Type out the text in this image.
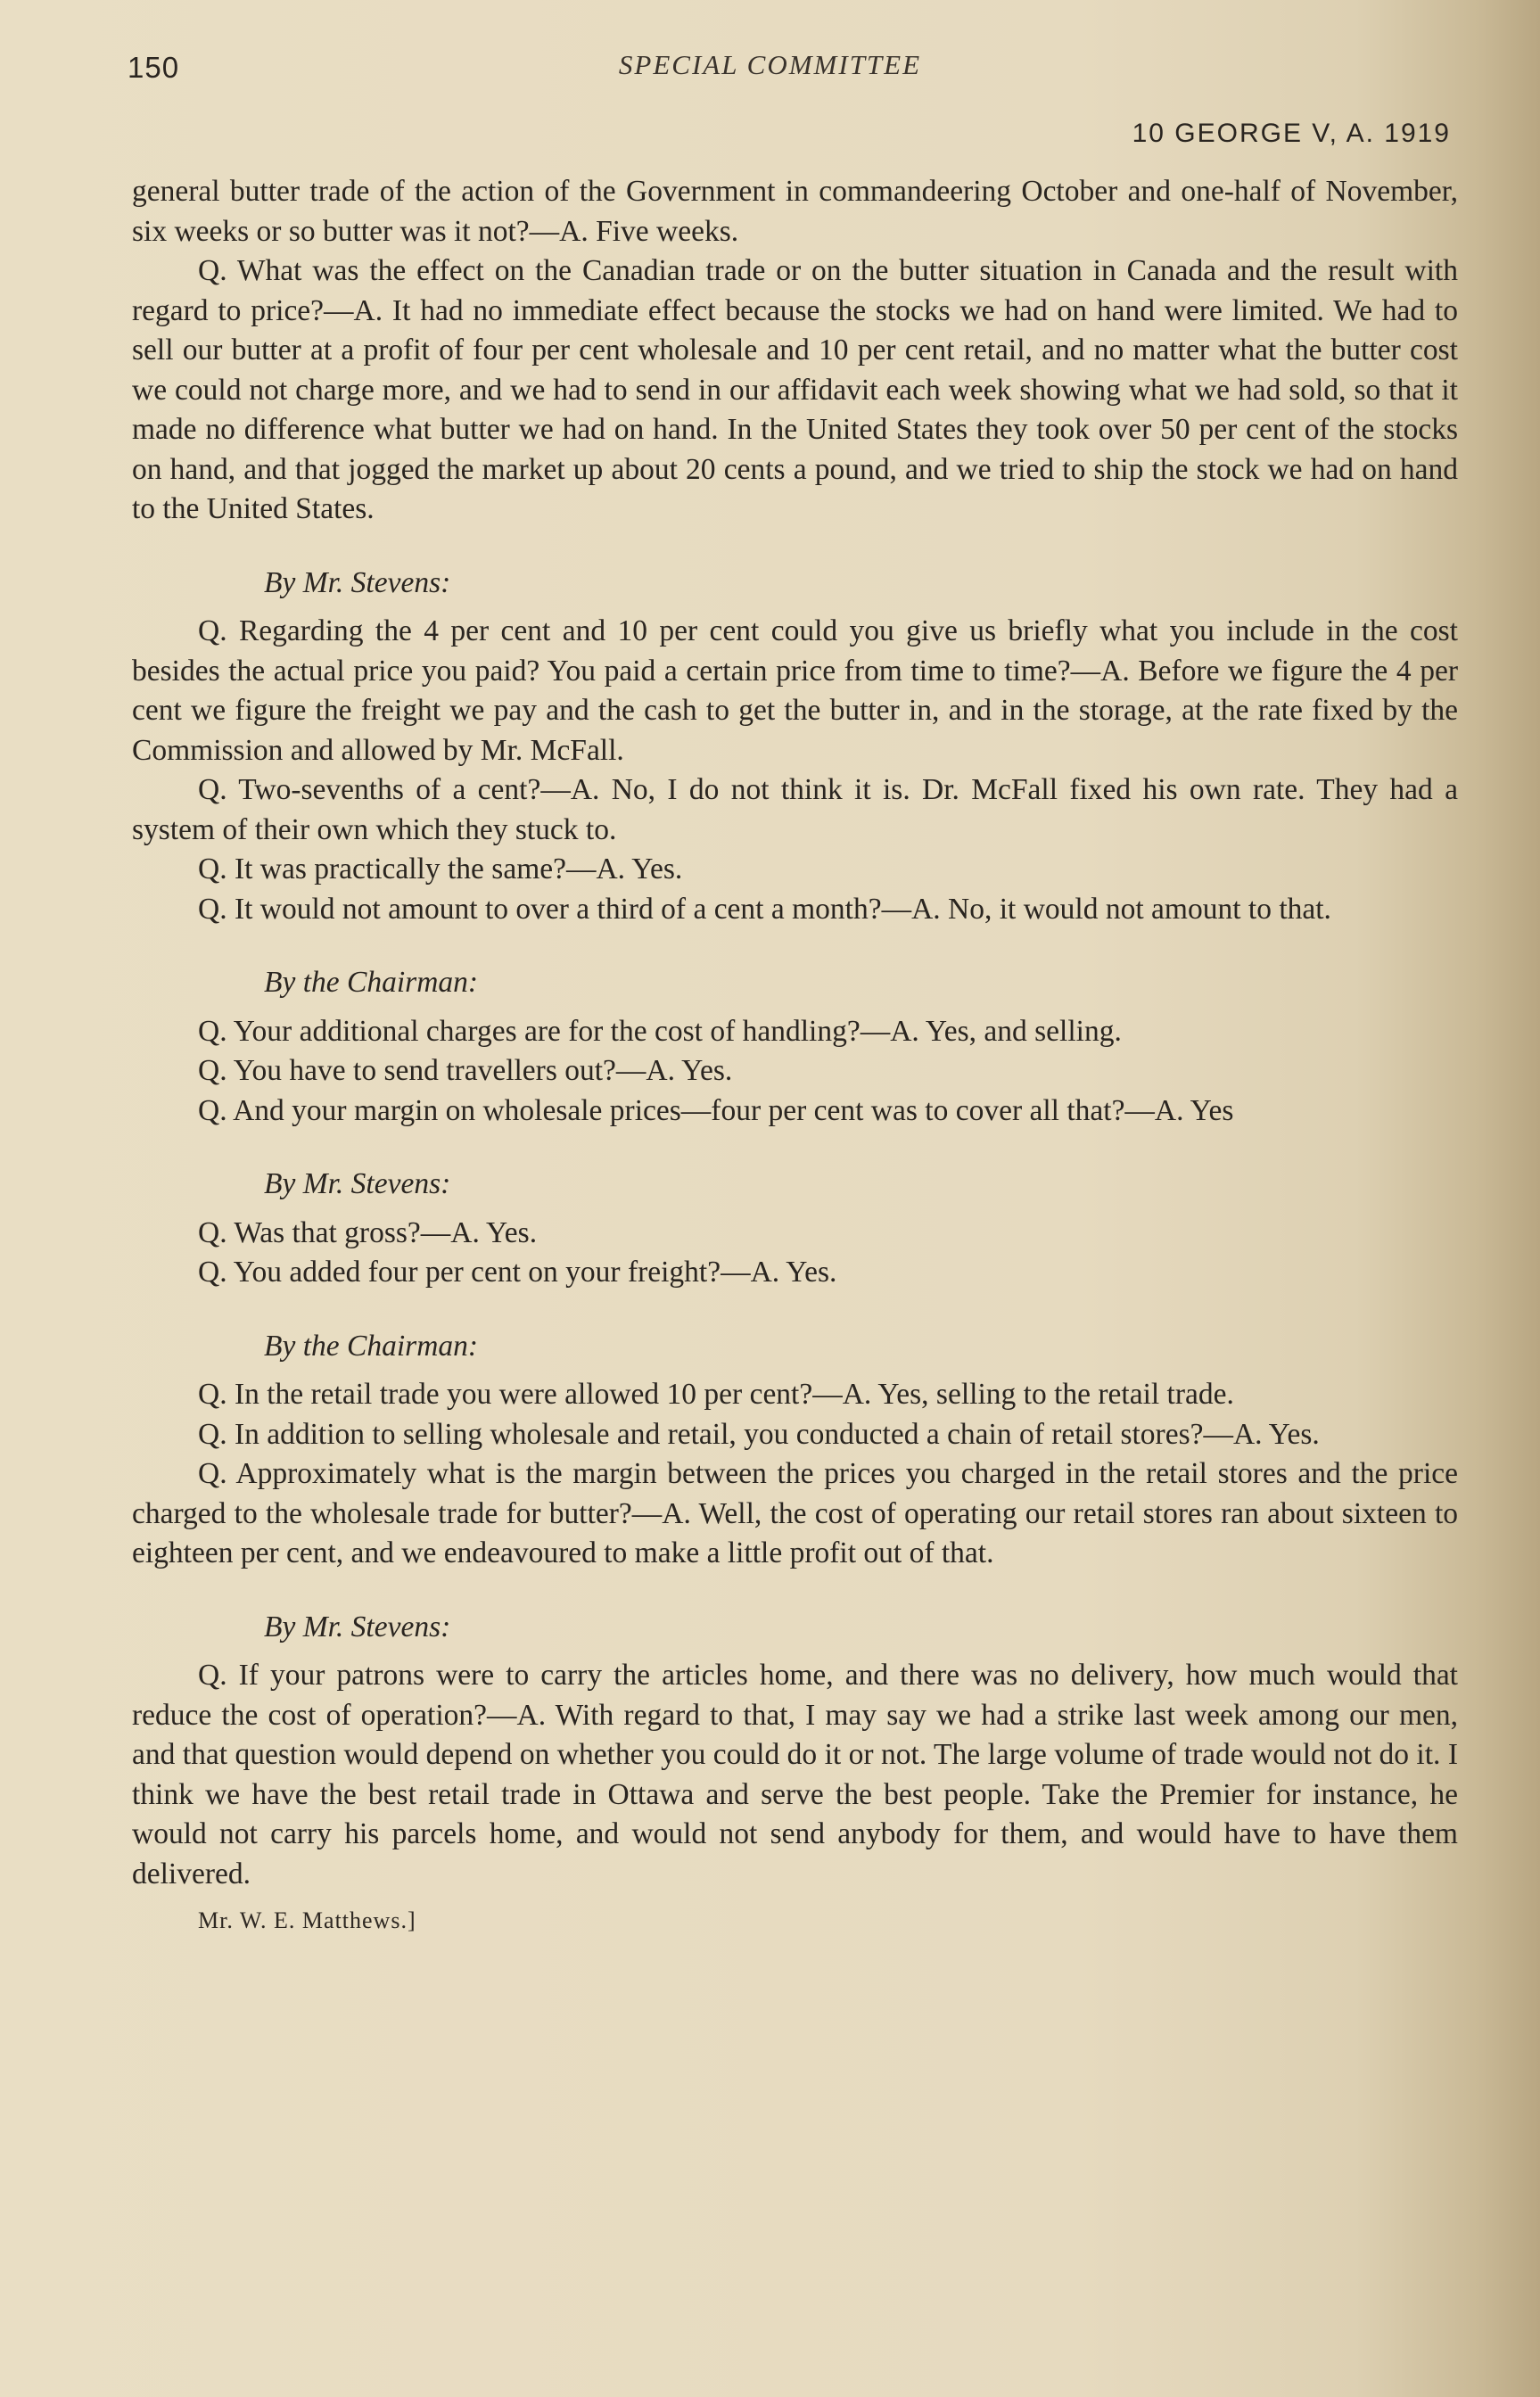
150	SPECIAL COMMITTEE
10 GEORGE V, A. 1919

general butter trade of the action of the Government in commandeering October and one-half of November, six weeks or so butter was it not?—A. Five weeks.

Q. What was the effect on the Canadian trade or on the butter situation in Canada and the result with regard to price?—A. It had no immediate effect because the stocks we had on hand were limited. We had to sell our butter at a profit of four per cent wholesale and 10 per cent retail, and no matter what the butter cost we could not charge more, and we had to send in our affidavit each week showing what we had sold, so that it made no difference what butter we had on hand. In the United States they took over 50 per cent of the stocks on hand, and that jogged the market up about 20 cents a pound, and we tried to ship the stock we had on hand to the United States.

By Mr. Stevens:

Q. Regarding the 4 per cent and 10 per cent could you give us briefly what you include in the cost besides the actual price you paid? You paid a certain price from time to time?—A. Before we figure the 4 per cent we figure the freight we pay and the cash to get the butter in, and in the storage, at the rate fixed by the Commission and allowed by Mr. McFall.

Q. Two-sevenths of a cent?—A. No, I do not think it is. Dr. McFall fixed his own rate. They had a system of their own which they stuck to.

Q. It was practically the same?—A. Yes.

Q. It would not amount to over a third of a cent a month?—A. No, it would not amount to that.

By the Chairman:

Q. Your additional charges are for the cost of handling?—A. Yes, and selling.

Q. You have to send travellers out?—A. Yes.

Q. And your margin on wholesale prices—four per cent was to cover all that?—A. Yes

By Mr. Stevens:

Q. Was that gross?—A. Yes.

Q. You added four per cent on your freight?—A. Yes.

By the Chairman:

Q. In the retail trade you were allowed 10 per cent?—A. Yes, selling to the retail trade.

Q. In addition to selling wholesale and retail, you conducted a chain of retail stores?—A. Yes.

Q. Approximately what is the margin between the prices you charged in the retail stores and the price charged to the wholesale trade for butter?—A. Well, the cost of operating our retail stores ran about sixteen to eighteen per cent, and we endeavoured to make a little profit out of that.

By Mr. Stevens:

Q. If your patrons were to carry the articles home, and there was no delivery, how much would that reduce the cost of operation?—A. With regard to that, I may say we had a strike last week among our men, and that question would depend on whether you could do it or not. The large volume of trade would not do it. I think we have the best retail trade in Ottawa and serve the best people. Take the Premier for instance, he would not carry his parcels home, and would not send anybody for them, and would have to have them delivered.

Mr. W. E. Matthews.]
